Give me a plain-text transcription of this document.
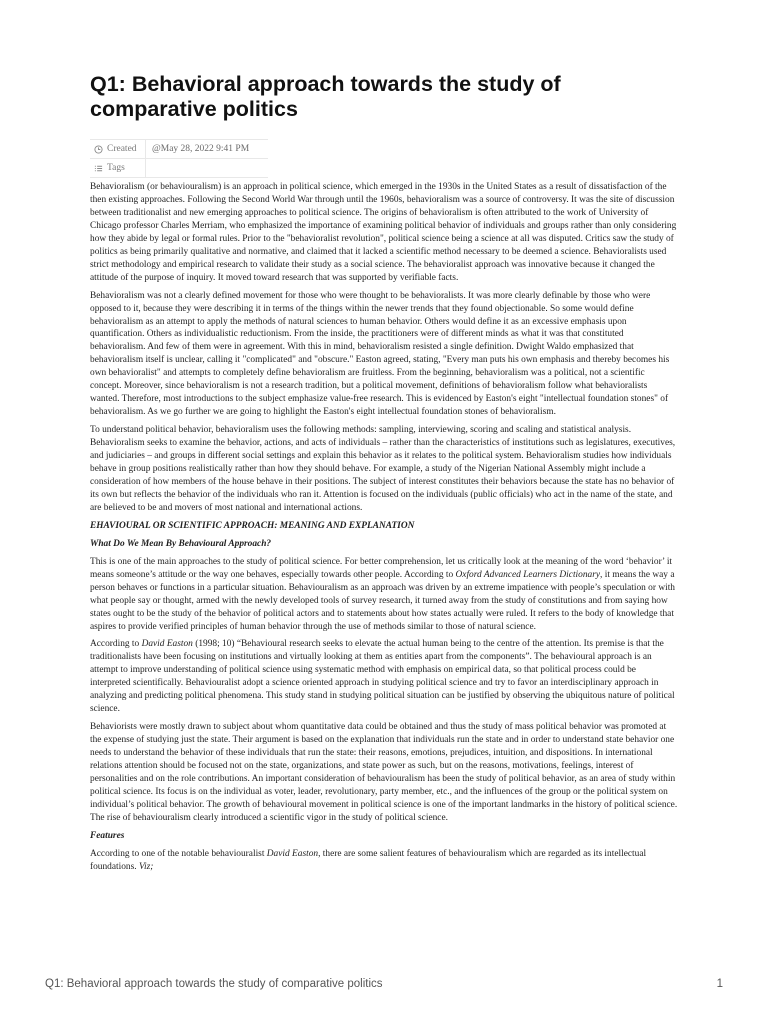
Q1: Behavioral approach towards the study of comparative politics
Created	@May 28, 2022 9:41 PM
Tags

Behavioralism (or behaviouralism) is an approach in political science, which emerged in the 1930s in the United States as a result of dissatisfaction of the then existing approaches. Following the Second World War through until the 1960s, behavioralism was a source of controversy. It was the site of discussion between traditionalist and new emerging approaches to political science. The origins of behavioralism is often attributed to the work of University of Chicago professor Charles Merriam, who emphasized the importance of examining political behavior of individuals and groups rather than only considering how they abide by legal or formal rules. Prior to the "behavioralist revolution", political science being a science at all was disputed. Critics saw the study of politics as being primarily qualitative and normative, and claimed that it lacked a scientific method necessary to be deemed a science. Behavioralists used strict methodology and empirical research to validate their study as a social science. The behavioralist approach was innovative because it changed the attitude of the purpose of inquiry. It moved toward research that was supported by verifiable facts.

Behavioralism was not a clearly defined movement for those who were thought to be behavioralists. It was more clearly definable by those who were opposed to it, because they were describing it in terms of the things within the newer trends that they found objectionable. So some would define behavioralism as an attempt to apply the methods of natural sciences to human behavior. Others would define it as an excessive emphasis upon quantification. Others as individualistic reductionism. From the inside, the practitioners were of different minds as what it was that constituted behavioralism. And few of them were in agreement. With this in mind, behavioralism resisted a single definition. Dwight Waldo emphasized that behavioralism itself is unclear, calling it "complicated" and "obscure." Easton agreed, stating, "Every man puts his own emphasis and thereby becomes his own behavioralist" and attempts to completely define behavioralism are fruitless. From the beginning, behavioralism was a political, not a scientific concept. Moreover, since behavioralism is not a research tradition, but a political movement, definitions of behavioralism follow what behavioralists wanted. Therefore, most introductions to the subject emphasize value-free research. This is evidenced by Easton's eight "intellectual foundation stones" of behavioralism. As we go further we are going to highlight the Easton's eight intellectual foundation stones of behavioralism.

To understand political behavior, behavioralism uses the following methods: sampling, interviewing, scoring and scaling and statistical analysis. Behavioralism seeks to examine the behavior, actions, and acts of individuals – rather than the characteristics of institutions such as legislatures, executives, and judiciaries – and groups in different social settings and explain this behavior as it relates to the political system. Behavioralism studies how individuals behave in group positions realistically rather than how they should behave. For example, a study of the Nigerian National Assembly might include a consideration of how members of the house behave in their positions. The subject of interest constitutes their behaviors because the state has no behavior of its own but reflects the behavior of the individuals who ran it. Attention is focused on the individuals (public officials) who act in the name of the state, and are believed to be and movers of most national and international actions.

EHAVIOURAL OR SCIENTIFIC APPROACH: MEANING AND EXPLANATION

What Do We Mean By Behavioural Approach?

This is one of the main approaches to the study of political science. For better comprehension, let us critically look at the meaning of the word ‘behavior’ it means someone’s attitude or the way one behaves, especially towards other people. According to Oxford Advanced Learners Dictionary, it means the way a person behaves or functions in a particular situation. Behaviouralism as an approach was driven by an extreme impatience with people’s speculation or with what people say or thought, armed with the newly developed tools of survey research, it turned away from the study of constitutions and from saying how states ought to be the study of the behavior of political actors and to statements about how states actually were ruled. It refers to the body of knowledge that aspires to provide verified principles of human behavior through the use of methods similar to those of natural science.

According to David Easton (1998; 10) “Behavioural research seeks to elevate the actual human being to the centre of the attention. Its premise is that the traditionalists have been focusing on institutions and virtually looking at them as entities apart from the components”. The behavioural approach is an attempt to improve understanding of political science using systematic method with emphasis on empirical data, so that political process could be interpreted scientifically. Behaviouralist adopt a science oriented approach in studying political science and try to favor an interdisciplinary approach in analyzing and predicting political phenomena. This study stand in studying political situation can be justified by observing the ubiquitous nature of political science.

Behaviorists were mostly drawn to subject about whom quantitative data could be obtained and thus the study of mass political behavior was promoted at the expense of studying just the state. Their argument is based on the explanation that individuals run the state and in order to understand state behavior one needs to understand the behavior of these individuals that run the state: their reasons, emotions, prejudices, intuition, and dispositions. In international relations attention should be focused not on the state, organizations, and state power as such, but on the reasons, motivations, feelings, interest of personalities and on the role contributions. An important consideration of behaviouralism has been the study of political behavior, as an area of study within political science. Its focus is on the individual as voter, leader, revolutionary, party member, etc., and the influences of the group or the political system on individual’s political behavior. The growth of behavioural movement in political science is one of the important landmarks in the history of political science. The rise of behaviouralism clearly introduced a scientific vigor in the study of political science.

Features

According to one of the notable behaviouralist David Easton, there are some salient features of behaviouralism which are regarded as its intellectual foundations. Viz;

Q1: Behavioral approach towards the study of comparative politics	1
